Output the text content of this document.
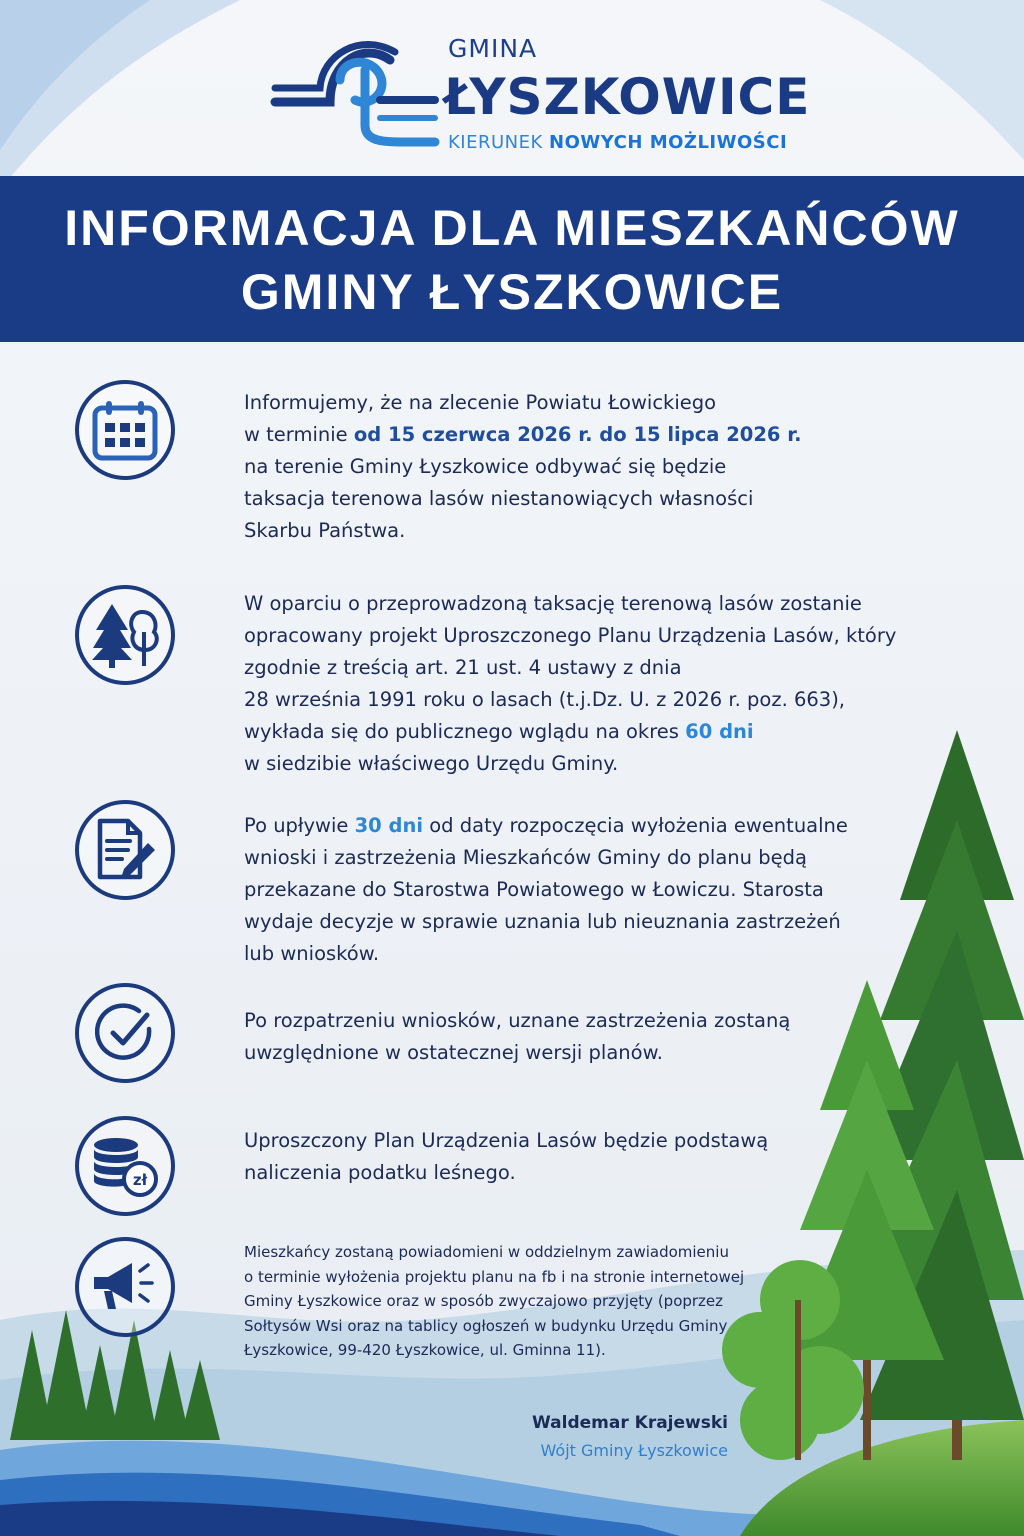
GMINA
ŁYSZKOWICE
KIERUNEK NOWYCH MOŻLIWOŚCI
INFORMACJA DLA MIESZKAŃCÓW
GMINY ŁYSZKOWICE
Informujemy, że na zlecenie Powiatu Łowickiego
w terminie od 15 czerwca 2026 r. do 15 lipca 2026 r.
na terenie Gminy Łyszkowice odbywać się będzie
taksacja terenowa lasów niestanowiących własności
Skarbu Państwa.
W oparciu o przeprowadzoną taksację terenową lasów zostanie
opracowany projekt Uproszczonego Planu Urządzenia Lasów, który
zgodnie z treścią art. 21 ust. 4 ustawy z dnia
28 września 1991 roku o lasach (t.j.Dz. U. z 2026 r. poz. 663),
wykłada się do publicznego wglądu na okres 60 dni
w siedzibie właściwego Urzędu Gminy.
Po upływie 30 dni od daty rozpoczęcia wyłożenia ewentualne
wnioski i zastrzeżenia Mieszkańców Gminy do planu będą
przekazane do Starostwa Powiatowego w Łowiczu. Starosta
wydaje decyzje w sprawie uznania lub nieuznania zastrzeżeń
lub wniosków.
Po rozpatrzeniu wniosków, uznane zastrzeżenia zostaną
uwzględnione w ostatecznej wersji planów.
zł
Uproszczony Plan Urządzenia Lasów będzie podstawą
naliczenia podatku leśnego.
Mieszkańcy zostaną powiadomieni w oddzielnym zawiadomieniu
o terminie wyłożenia projektu planu na fb i na stronie internetowej
Gminy Łyszkowice oraz w sposób zwyczajowo przyjęty (poprzez
Sołtysów Wsi oraz na tablicy ogłoszeń w budynku Urzędu Gminy
Łyszkowice, 99-420 Łyszkowice, ul. Gminna 11).
Waldemar Krajewski
Wójt Gminy Łyszkowice
